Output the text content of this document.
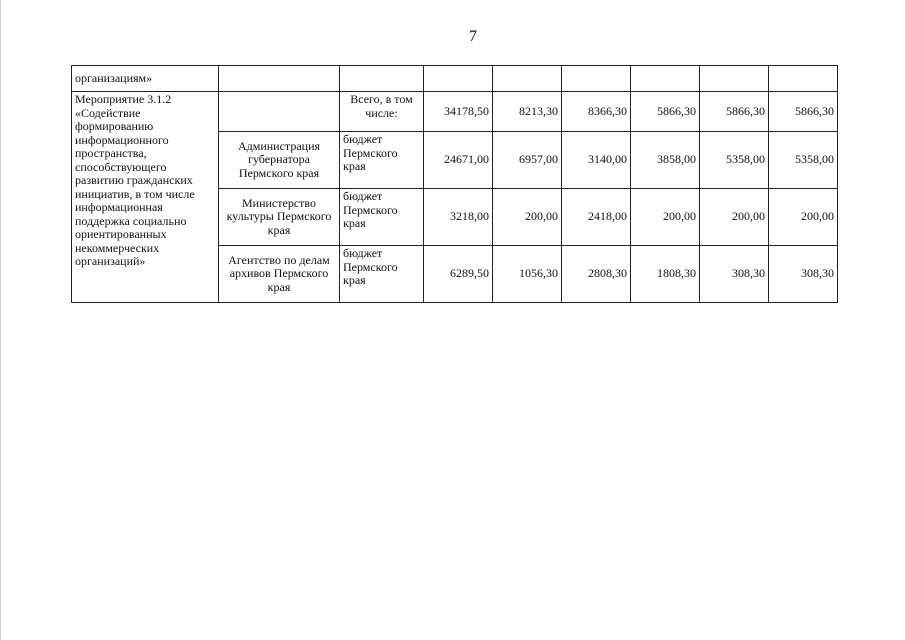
7
организациям»								
Мероприятие 3.1.2 «Содействие формированию информационного пространства, способствующего развитию гражданских инициатив, в том числе информационная поддержка социально ориентированных некоммерческих организаций»		Всего, в том числе:	34178,50	8213,30	8366,30	5866,30	5866,30	5866,30
	Администрация губернатора Пермского края	бюджет Пермского края	24671,00	6957,00	3140,00	3858,00	5358,00	5358,00
	Министерство культуры Пермского края	бюджет Пермского края	3218,00	200,00	2418,00	200,00	200,00	200,00
	Агентство по делам архивов Пермского края	бюджет Пермского края	6289,50	1056,30	2808,30	1808,30	308,30	308,30
